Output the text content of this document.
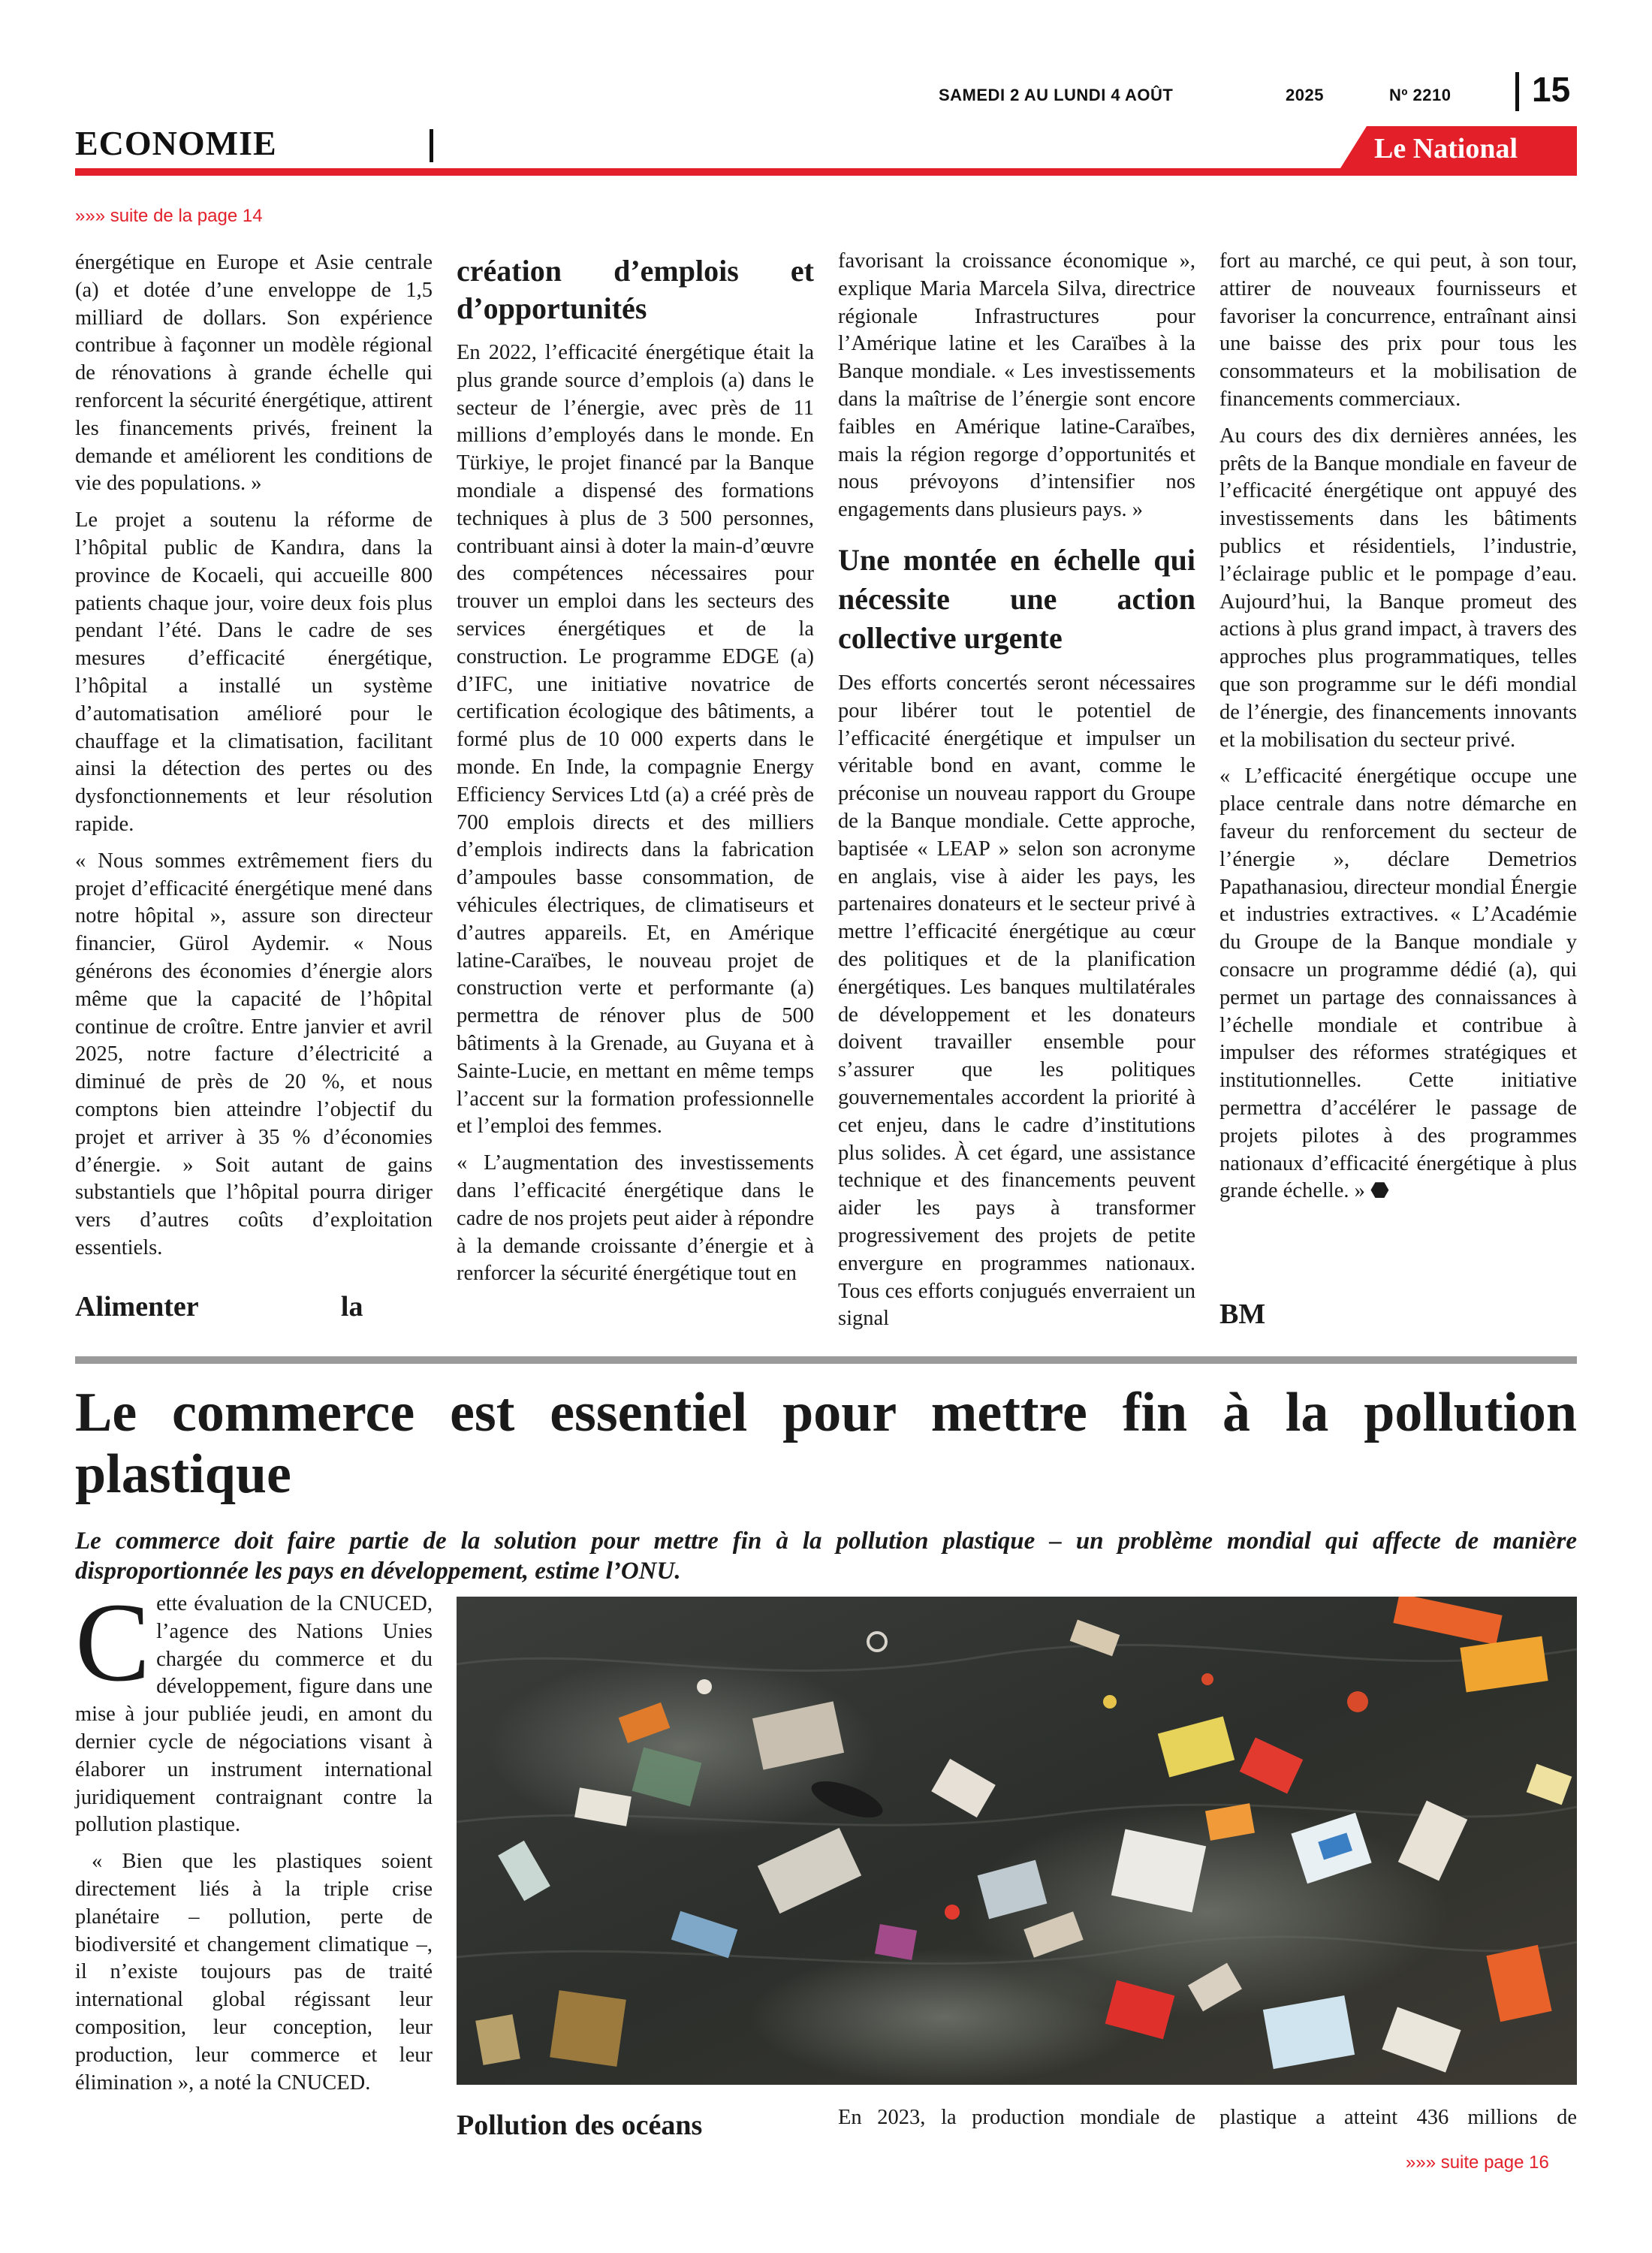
SAMEDI 2 AU LUNDI 4 AOÛT	2025	Nº 2210 15
ECONOMIE	Le National
»»» suite de la page 14

énergétique en Europe et Asie centrale (a) et dotée d’une enveloppe de 1,5 milliard de dollars. Son expérience contribue à façonner un modèle régional de rénovations à grande échelle qui renforcent la sécurité énergétique, attirent les financements privés, freinent la demande et améliorent les conditions de vie des populations. »

Le projet a soutenu la réforme de l’hôpital public de Kandıra, dans la province de Kocaeli, qui accueille 800 patients chaque jour, voire deux fois plus pendant l’été. Dans le cadre de ses mesures d’efficacité énergétique, l’hôpital a installé un système d’automatisation amélioré pour le chauffage et la climatisation, facilitant ainsi la détection des pertes ou des dysfonctionnements et leur résolution rapide.

« Nous sommes extrêmement fiers du projet d’efficacité énergétique mené dans notre hôpital », assure son directeur financier, Gürol Aydemir. « Nous générons des économies d’énergie alors même que la capacité de l’hôpital continue de croître. Entre janvier et avril 2025, notre facture d’électricité a diminué de près de 20 %, et nous comptons bien atteindre l’objectif du projet et arriver à 35 % d’économies d’énergie. » Soit autant de gains substantiels que l’hôpital pourra diriger vers d’autres coûts d’exploitation essentiels.

Alimenter                    la
création d’emplois et d’opportunités

En 2022, l’efficacité énergétique était la plus grande source d’emplois (a) dans le secteur de l’énergie, avec près de 11 millions d’employés dans le monde. En Türkiye, le projet financé par la Banque mondiale a dispensé des formations techniques à plus de 3 500 personnes, contribuant ainsi à doter la main-d’œuvre des compétences nécessaires pour trouver un emploi dans les secteurs des services énergétiques et de la construction. Le programme EDGE (a) d’IFC, une initiative novatrice de certification écologique des bâtiments, a formé plus de 10 000 experts dans le monde. En Inde, la compagnie Energy Efficiency Services Ltd (a) a créé près de 700 emplois directs et des milliers d’emplois indirects dans la fabrication d’ampoules basse consommation, de véhicules électriques, de climatiseurs et d’autres appareils. Et, en Amérique latine-Caraïbes, le nouveau projet de construction verte et performante (a) permettra de rénover plus de 500 bâtiments à la Grenade, au Guyana et à Sainte-Lucie, en mettant en même temps l’accent sur la formation professionnelle et l’emploi des femmes.

« L’augmentation des investissements dans l’efficacité énergétique dans le cadre de nos projets peut aider à répondre à la demande croissante d’énergie et à renforcer la sécurité énergétique tout en

favorisant la croissance économique », explique Maria Marcela Silva, directrice régionale Infrastructures pour l’Amérique latine et les Caraïbes à la Banque mondiale. « Les investissements dans la maîtrise de l’énergie sont encore faibles en Amérique latine-Caraïbes, mais la région regorge d’opportunités et nous prévoyons d’intensifier nos engagements dans plusieurs pays. »

Une montée en échelle qui nécessite une action collective urgente

Des efforts concertés seront nécessaires pour libérer tout le potentiel de l’efficacité énergétique et impulser un véritable bond en avant, comme le préconise un nouveau rapport du Groupe de la Banque mondiale. Cette approche, baptisée « LEAP » selon son acronyme en anglais, vise à aider les pays, les partenaires donateurs et le secteur privé à mettre l’efficacité énergétique au cœur des politiques et de la planification énergétiques. Les banques multilatérales de développement et les donateurs doivent travailler ensemble pour s’assurer que les politiques gouvernementales accordent la priorité à cet enjeu, dans le cadre d’institutions plus solides. À cet égard, une assistance technique et des financements peuvent aider les pays à transformer progressivement des projets de petite envergure en programmes nationaux. Tous ces efforts conjugués enverraient un signal

fort au marché, ce qui peut, à son tour, attirer de nouveaux fournisseurs et favoriser la concurrence, entraînant ainsi une baisse des prix pour tous les consommateurs et la mobilisation de financements commerciaux.

Au cours des dix dernières années, les prêts de la Banque mondiale en faveur de l’efficacité énergétique ont appuyé des investissements dans les bâtiments publics et résidentiels, l’industrie, l’éclairage public et le pompage d’eau. Aujourd’hui, la Banque promeut des actions à plus grand impact, à travers des approches plus programmatiques, telles que son programme sur le défi mondial de l’énergie, des financements innovants et la mobilisation du secteur privé.

« L’efficacité énergétique occupe une place centrale dans notre démarche en faveur du renforcement du secteur de l’énergie », déclare Demetrios Papathanasiou, directeur mondial Énergie et industries extractives. « L’Académie du Groupe de la Banque mondiale y consacre un programme dédié (a), qui permet un partage des connaissances à l’échelle mondiale et contribue à impulser des réformes stratégiques et institutionnelles. Cette initiative permettra d’accélérer le passage de projets pilotes à des programmes nationaux d’efficacité énergétique à plus grande échelle. » ⬣

BM
Le commerce est essentiel pour mettre fin à la pollution plastique
Le commerce doit faire partie de la solution pour mettre fin à la pollution plastique – un problème mondial qui affecte de manière disproportionnée les pays en développement, estime l’ONU.

Cette évaluation de la CNUCED, l’agence des Nations Unies chargée du commerce et du développement, figure dans une mise à jour publiée jeudi, en amont du dernier cycle de négociations visant à élaborer un instrument international juridiquement contraignant contre la pollution plastique.

« Bien que les plastiques soient directement liés à la triple crise planétaire – pollution, perte de biodiversité et changement climatique –, il n’existe toujours pas de traité international global régissant leur composition, leur conception, leur production, leur commerce et leur élimination », a noté la CNUCED.

Pollution des océans	En 2023, la production mondiale de plastique a atteint 436 millions de
»»» suite page 16
